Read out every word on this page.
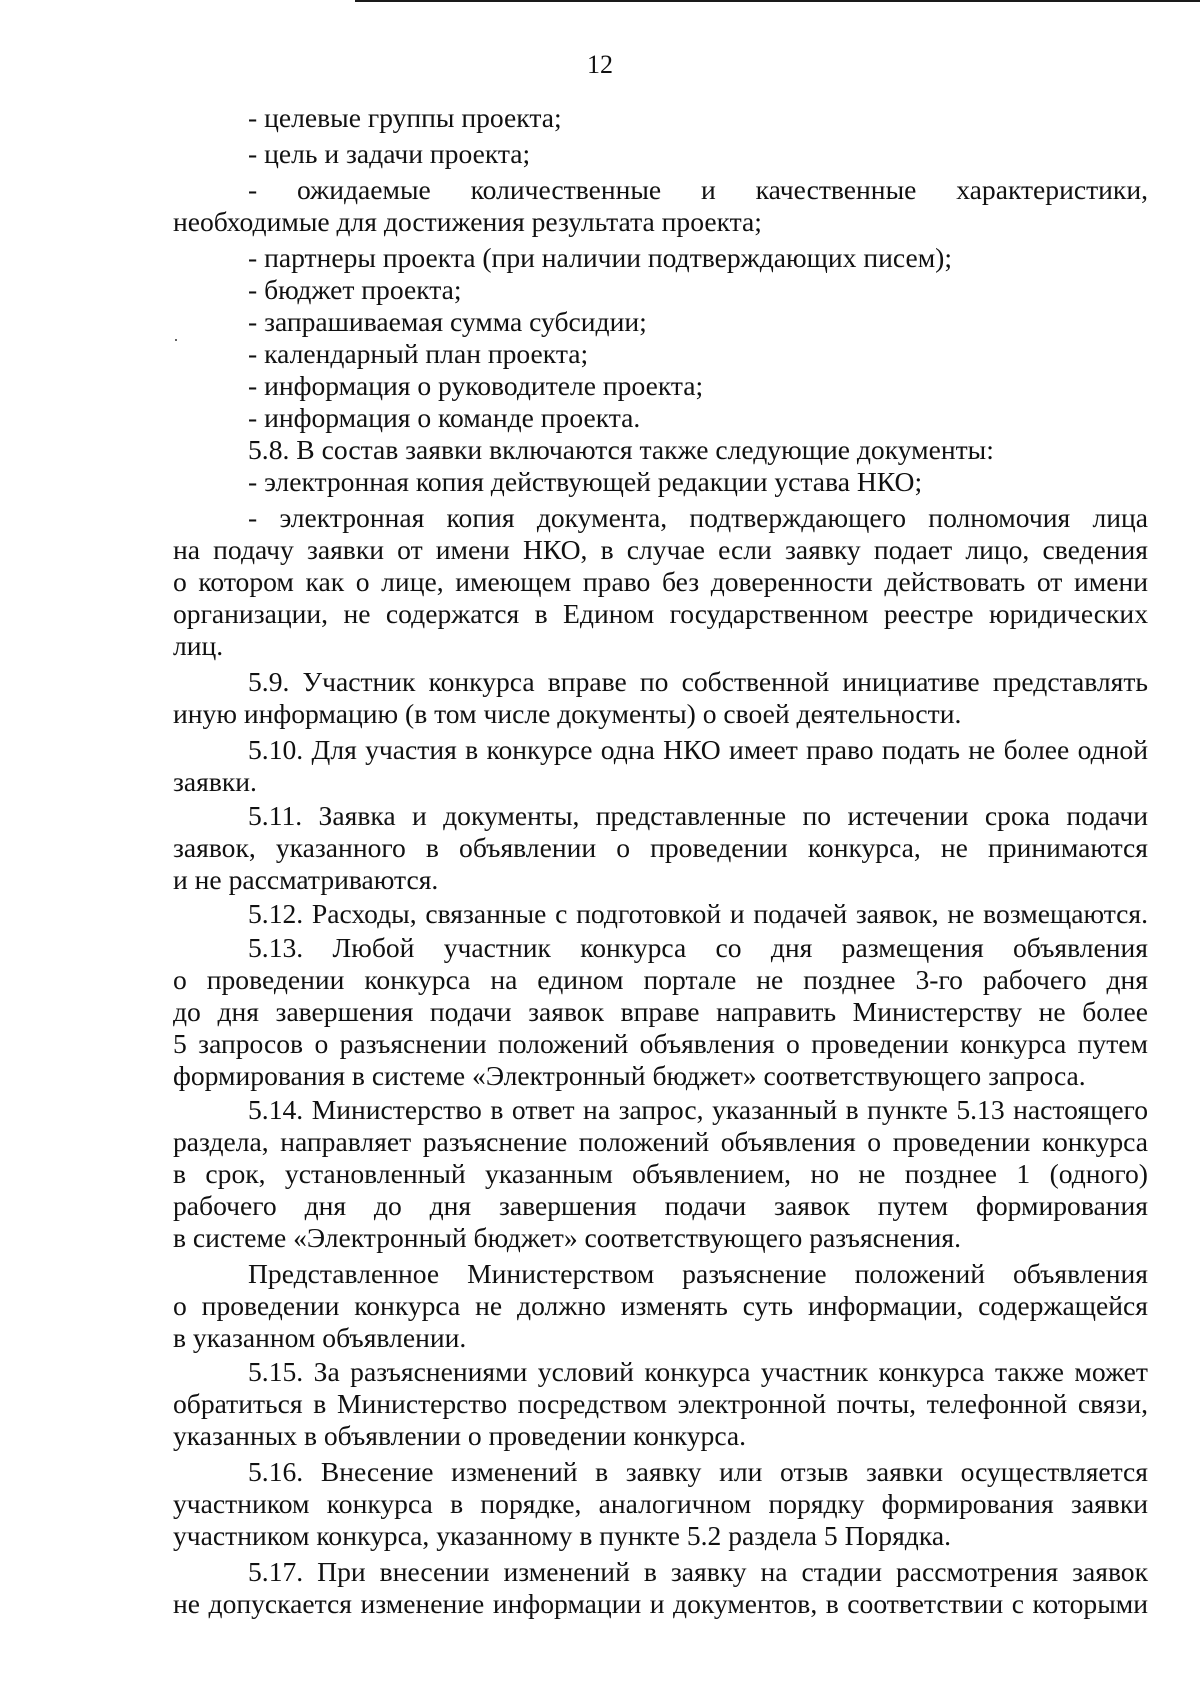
12
- целевые группы проекта;
- цель и задачи проекта;
- ожидаемые количественные и качественные характеристики,
необходимые для достижения результата проекта;
- партнеры проекта (при наличии подтверждающих писем);
- бюджет проекта;
- запрашиваемая сумма субсидии;
- календарный план проекта;
- информация о руководителе проекта;
- информация о команде проекта.
5.8. В состав заявки включаются также следующие документы:
- электронная копия действующей редакции устава НКО;
- электронная копия документа, подтверждающего полномочия лица
на подачу заявки от имени НКО, в случае если заявку подает лицо, сведения
о котором как о лице, имеющем право без доверенности действовать от имени
организации, не содержатся в Едином государственном реестре юридических
лиц.
5.9. Участник конкурса вправе по собственной инициативе представлять
иную информацию (в том числе документы) о своей деятельности.
5.10. Для участия в конкурсе одна НКО имеет право подать не более одной
заявки.
5.11. Заявка и документы, представленные по истечении срока подачи
заявок, указанного в объявлении о проведении конкурса, не принимаются
и не рассматриваются.
5.12. Расходы, связанные с подготовкой и подачей заявок, не возмещаются.
5.13. Любой участник конкурса со дня размещения объявления
о проведении конкурса на едином портале не позднее 3-го рабочего дня
до дня завершения подачи заявок вправе направить Министерству не более
5 запросов о разъяснении положений объявления о проведении конкурса путем
формирования в системе «Электронный бюджет» соответствующего запроса.
5.14. Министерство в ответ на запрос, указанный в пункте 5.13 настоящего
раздела, направляет разъяснение положений объявления о проведении конкурса
в срок, установленный указанным объявлением, но не позднее 1 (одного)
рабочего дня до дня завершения подачи заявок путем формирования
в системе «Электронный бюджет» соответствующего разъяснения.
Представленное Министерством разъяснение положений объявления
о проведении конкурса не должно изменять суть информации, содержащейся
в указанном объявлении.
5.15. За разъяснениями условий конкурса участник конкурса также может
обратиться в Министерство посредством электронной почты, телефонной связи,
указанных в объявлении о проведении конкурса.
5.16. Внесение изменений в заявку или отзыв заявки осуществляется
участником конкурса в порядке, аналогичном порядку формирования заявки
участником конкурса, указанному в пункте 5.2 раздела 5 Порядка.
5.17. При внесении изменений в заявку на стадии рассмотрения заявок
не допускается изменение информации и документов, в соответствии с которыми
